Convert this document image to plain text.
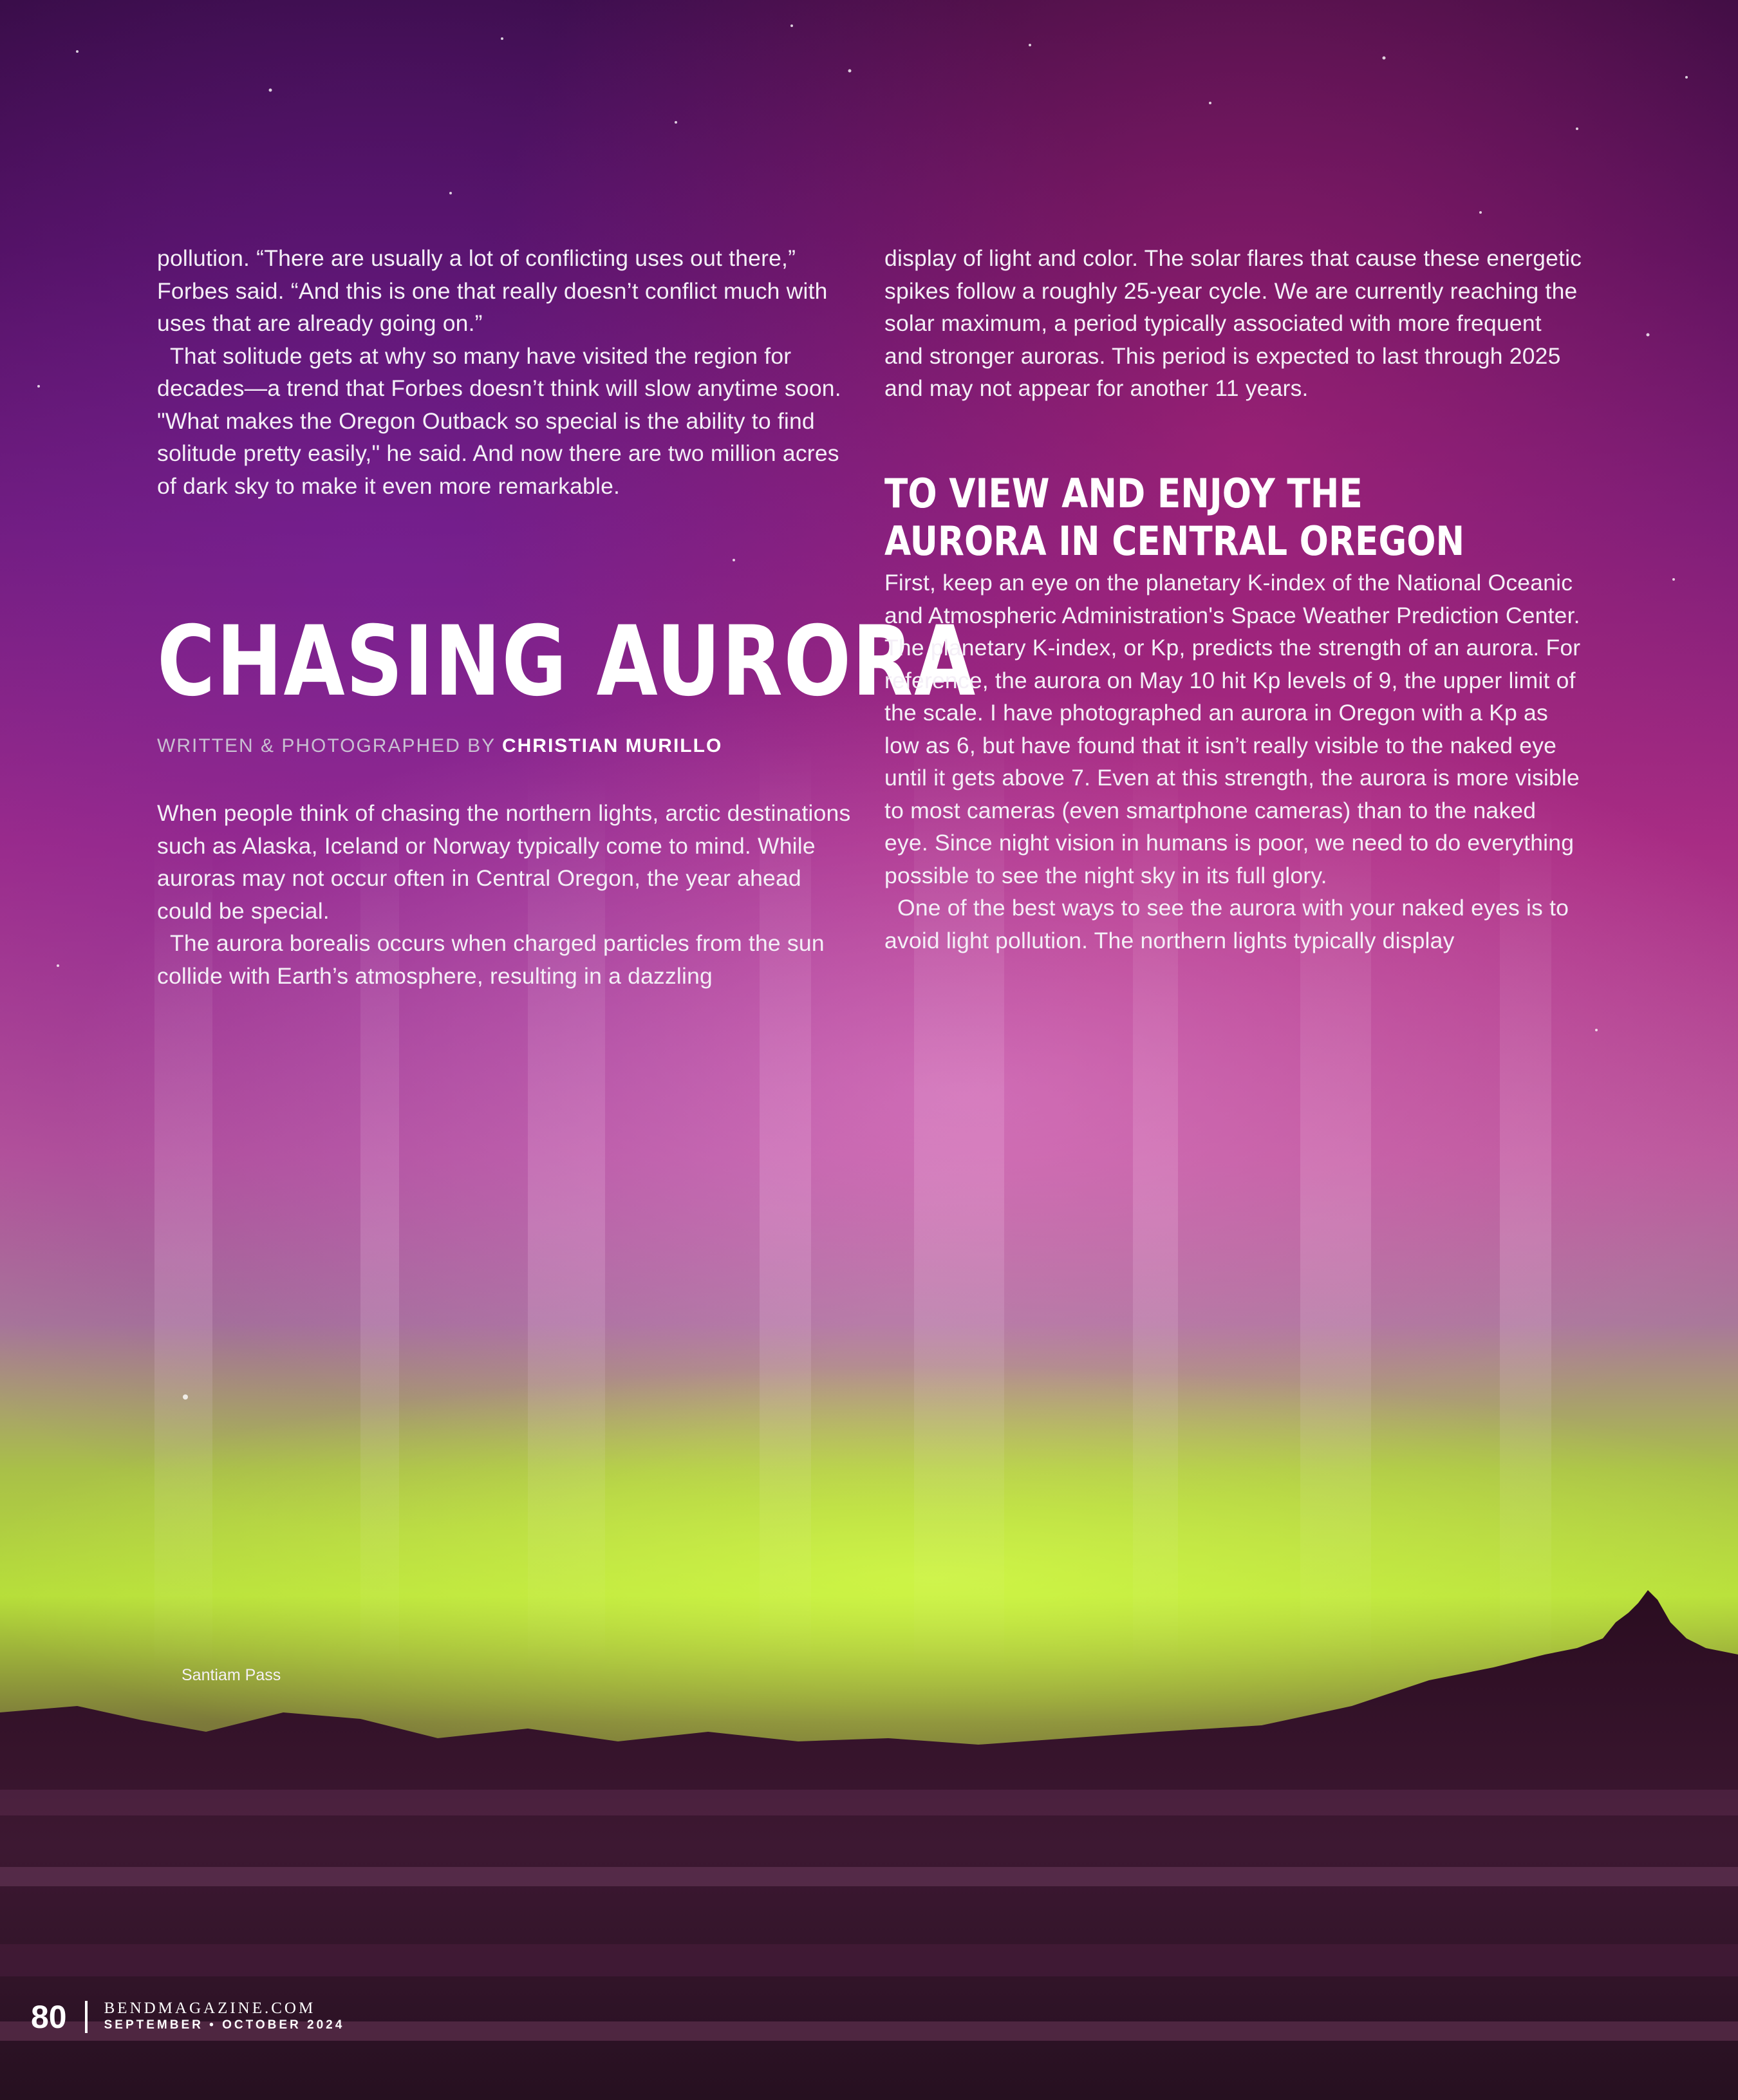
pollution. “There are usually a lot of conflicting uses out there,” Forbes said. “And this is one that really doesn’t conflict much with uses that are already going on.”

That solitude gets at why so many have visited the region for decades—a trend that Forbes doesn’t think will slow anytime soon. "What makes the Oregon Outback so special is the ability to find solitude pretty easily," he said. And now there are two million acres of dark sky to make it even more remarkable.

CHASING AURORA
WRITTEN & PHOTOGRAPHED BY CHRISTIAN MURILLO

When people think of chasing the northern lights, arctic destinations such as Alaska, Iceland or Norway typically come to mind. While auroras may not occur often in Central Oregon, the year ahead could be special.

The aurora borealis occurs when charged particles from the sun collide with Earth’s atmosphere, resulting in a dazzling

display of light and color. The solar flares that cause these energetic spikes follow a roughly 25-year cycle. We are currently reaching the solar maximum, a period typically associated with more frequent and stronger auroras. This period is expected to last through 2025 and may not appear for another 11 years.

TO VIEW AND ENJOY THE AURORA IN CENTRAL OREGON

First, keep an eye on the planetary K-index of the National Oceanic and Atmospheric Administration's Space Weather Prediction Center. The planetary K-index, or Kp, predicts the strength of an aurora. For reference, the aurora on May 10 hit Kp levels of 9, the upper limit of the scale. I have photographed an aurora in Oregon with a Kp as low as 6, but have found that it isn’t really visible to the naked eye until it gets above 7. Even at this strength, the aurora is more visible to most cameras (even smartphone cameras) than to the naked eye. Since night vision in humans is poor, we need to do everything possible to see the night sky in its full glory.

One of the best ways to see the aurora with your naked eyes is to avoid light pollution. The northern lights typically display

Santiam Pass
80 BENDMAGAZINE.COM
SEPTEMBER • OCTOBER 2024
